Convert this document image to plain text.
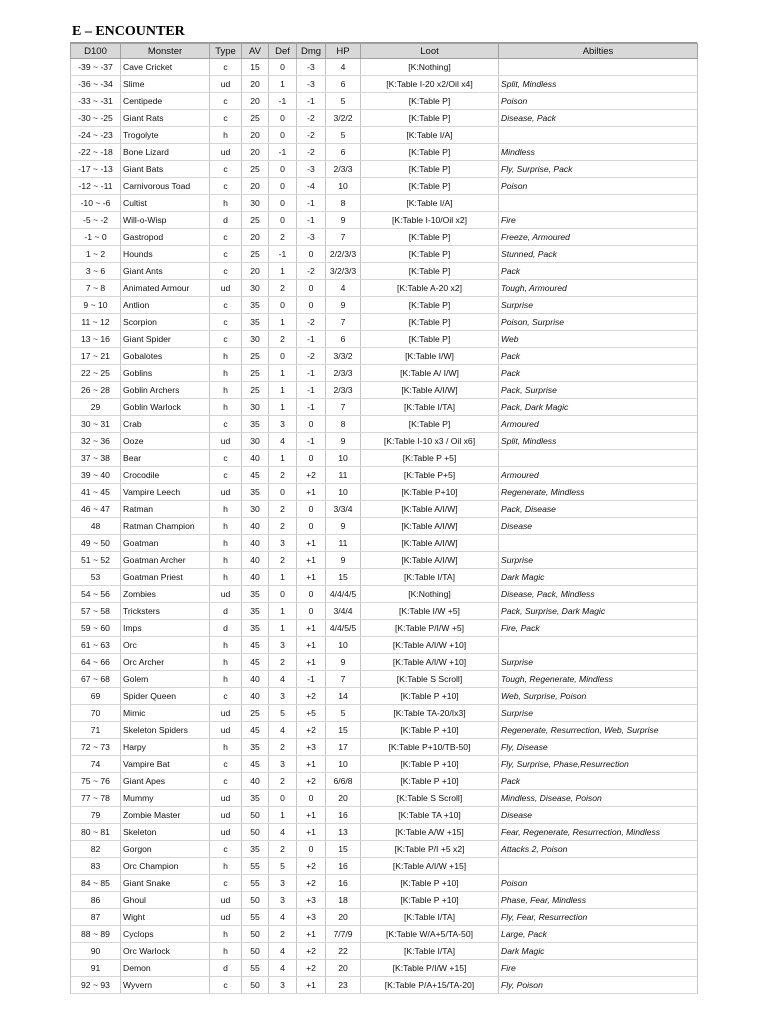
E – ENCOUNTER
D100	Monster	Type	AV	Def	Dmg	HP	Loot	Abilties
-39 ~ -37	Cave Cricket	c	15	0	-3	4	[K:Nothing]	
-36 ~ -34	Slime	ud	20	1	-3	6	[K:Table I-20 x2/Oil x4]	Split, Mindless
-33 ~ -31	Centipede	c	20	-1	-1	5	[K:Table P]	Poison
-30 ~ -25	Giant Rats	c	25	0	-2	3/2/2	[K:Table P]	Disease, Pack
-24 ~ -23	Trogolyte	h	20	0	-2	5	[K:Table I/A]	
-22 ~ -18	Bone Lizard	ud	20	-1	-2	6	[K:Table P]	Mindless
-17 ~ -13	Giant Bats	c	25	0	-3	2/3/3	[K:Table P]	Fly, Surprise, Pack
-12 ~ -11	Carnivorous Toad	c	20	0	-4	10	[K:Table P]	Poison
-10 ~ -6	Cultist	h	30	0	-1	8	[K:Table I/A]	
-5 ~ -2	Will-o-Wisp	d	25	0	-1	9	[K:Table I-10/Oil x2]	Fire
-1 ~ 0	Gastropod	c	20	2	-3	7	[K:Table P]	Freeze, Armoured
1 ~ 2	Hounds	c	25	-1	0	2/2/3/3	[K:Table P]	Stunned, Pack
3 ~ 6	Giant Ants	c	20	1	-2	3/2/3/3	[K:Table P]	Pack
7 ~ 8	Animated Armour	ud	30	2	0	4	[K:Table A-20 x2]	Tough, Armoured
9 ~ 10	Antlion	c	35	0	0	9	[K:Table P]	Surprise
11 ~ 12	Scorpion	c	35	1	-2	7	[K:Table P]	Poison, Surprise
13 ~ 16	Giant Spider	c	30	2	-1	6	[K:Table P]	Web
17 ~ 21	Gobalotes	h	25	0	-2	3/3/2	[K:Table I/W]	Pack
22 ~ 25	Goblins	h	25	1	-1	2/3/3	[K:Table A/ I/W]	Pack
26 ~ 28	Goblin Archers	h	25	1	-1	2/3/3	[K:Table A/I/W]	Pack, Surprise
29	Goblin Warlock	h	30	1	-1	7	[K:Table I/TA]	Pack, Dark Magic
30 ~ 31	Crab	c	35	3	0	8	[K:Table P]	Armoured
32 ~ 36	Ooze	ud	30	4	-1	9	[K:Table I-10 x3 / Oil x6]	Split, Mindless
37 ~ 38	Bear	c	40	1	0	10	[K:Table P +5]	
39 ~ 40	Crocodile	c	45	2	+2	11	[K:Table P+5]	Armoured
41 ~ 45	Vampire Leech	ud	35	0	+1	10	[K:Table P+10]	Regenerate, Mindless
46 ~ 47	Ratman	h	30	2	0	3/3/4	[K:Table A/I/W]	Pack, Disease
48	Ratman Champion	h	40	2	0	9	[K:Table A/I/W]	Disease
49 ~ 50	Goatman	h	40	3	+1	11	[K:Table A/I/W]	
51 ~ 52	Goatman Archer	h	40	2	+1	9	[K:Table A/I/W]	Surprise
53	Goatman Priest	h	40	1	+1	15	[K:Table I/TA]	Dark Magic
54 ~ 56	Zombies	ud	35	0	0	4/4/4/5	[K:Nothing]	Disease, Pack, Mindless
57 ~ 58	Tricksters	d	35	1	0	3/4/4	[K:Table I/W +5]	Pack, Surprise, Dark Magic
59 ~ 60	Imps	d	35	1	+1	4/4/5/5	[K:Table P/I/W +5]	Fire, Pack
61 ~ 63	Orc	h	45	3	+1	10	[K:Table A/I/W +10]	
64 ~ 66	Orc Archer	h	45	2	+1	9	[K:Table A/I/W +10]	Surprise
67 ~ 68	Golem	h	40	4	-1	7	[K:Table S Scroll]	Tough, Regenerate, Mindless
69	Spider Queen	c	40	3	+2	14	[K:Table P +10]	Web, Surprise, Poison
70	Mimic	ud	25	5	+5	5	[K:Table TA-20/Ix3]	Surprise
71	Skeleton Spiders	ud	45	4	+2	15	[K:Table P +10]	Regenerate, Resurrection, Web, Surprise
72 ~ 73	Harpy	h	35	2	+3	17	[K:Table P+10/TB-50]	Fly, Disease
74	Vampire Bat	c	45	3	+1	10	[K:Table P +10]	Fly, Surprise, Phase,Resurrection
75 ~ 76	Giant Apes	c	40	2	+2	6/6/8	[K:Table P +10]	Pack
77 ~ 78	Mummy	ud	35	0	0	20	[K:Table S Scroll]	Mindless, Disease, Poison
79	Zombie Master	ud	50	1	+1	16	[K:Table TA +10]	Disease
80 ~ 81	Skeleton	ud	50	4	+1	13	[K:Table A/W +15]	Fear, Regenerate, Resurrection, Mindless
82	Gorgon	c	35	2	0	15	[K:Table P/I +5 x2]	Attacks 2, Poison
83	Orc Champion	h	55	5	+2	16	[K:Table A/I/W +15]	
84 ~ 85	Giant Snake	c	55	3	+2	16	[K:Table P +10]	Poison
86	Ghoul	ud	50	3	+3	18	[K:Table P +10]	Phase, Fear, Mindless
87	Wight	ud	55	4	+3	20	[K:Table I/TA]	Fly, Fear, Resurrection
88 ~ 89	Cyclops	h	50	2	+1	7/7/9	[K:Table W/A+5/TA-50]	Large, Pack
90	Orc Warlock	h	50	4	+2	22	[K:Table I/TA]	Dark Magic
91	Demon	d	55	4	+2	20	[K:Table P/I/W +15]	Fire
92 ~ 93	Wyvern	c	50	3	+1	23	[K:Table P/A+15/TA-20]	Fly, Poison
